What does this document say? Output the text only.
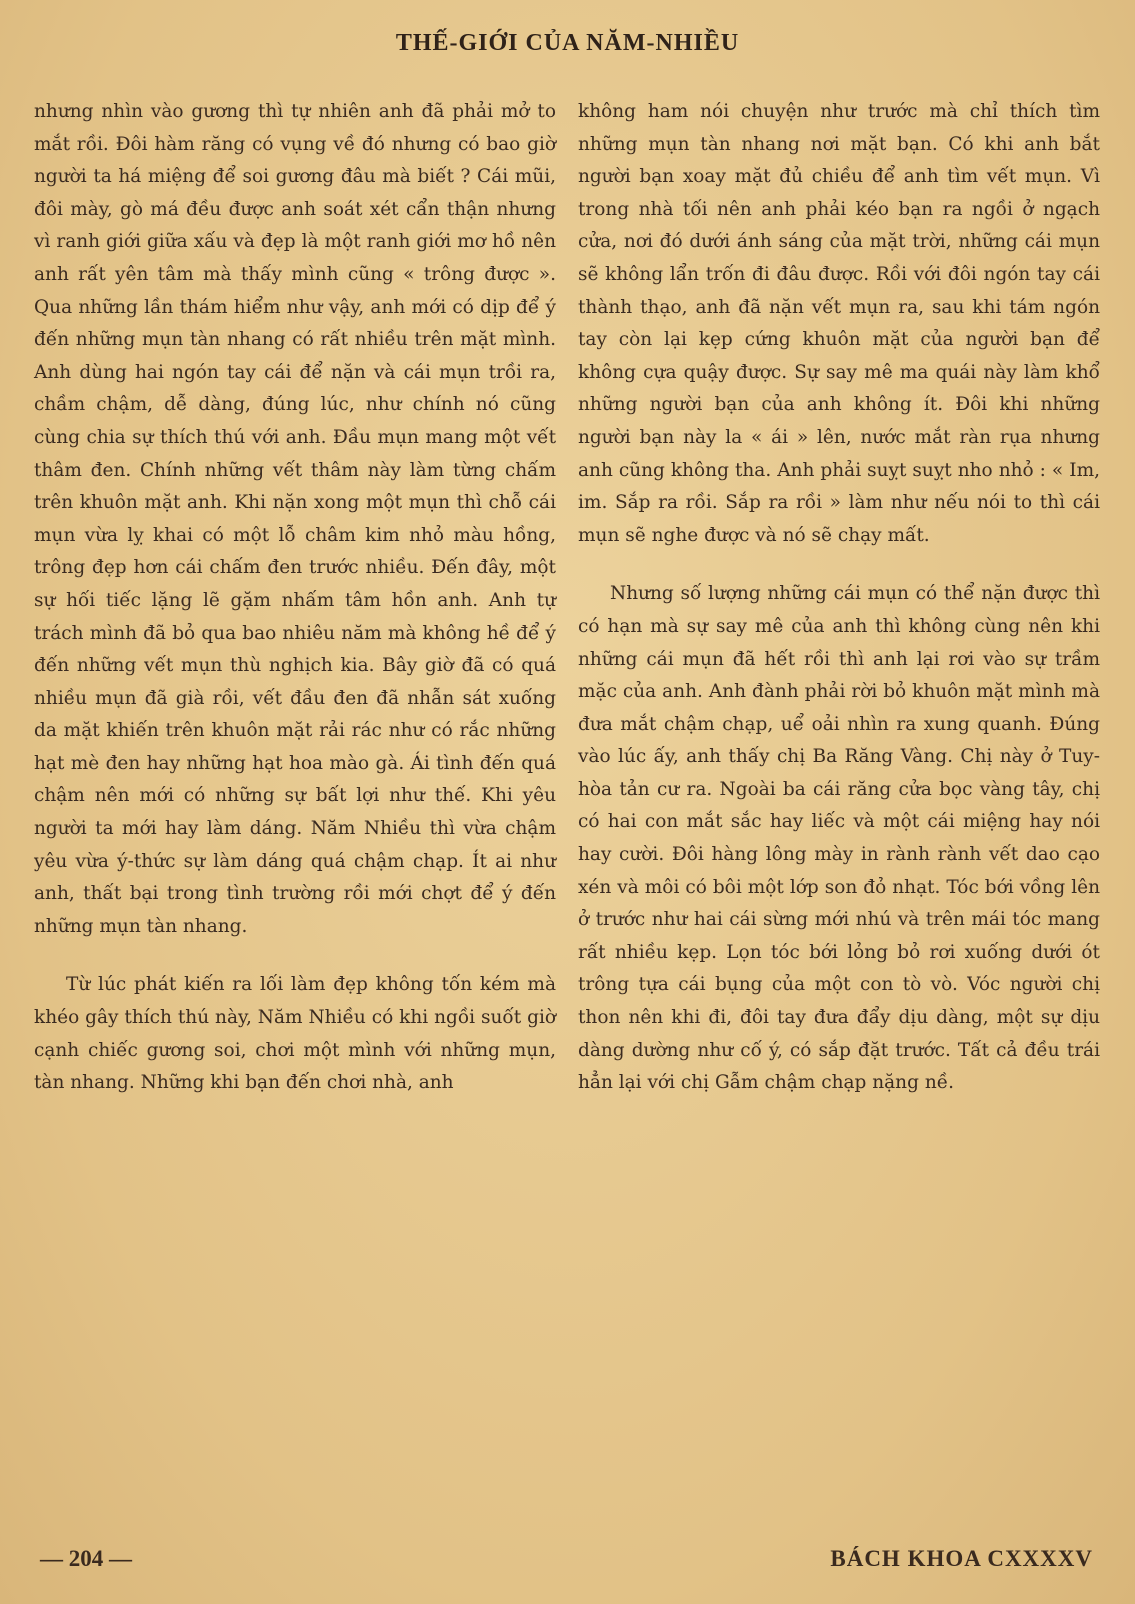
THẾ-GIỚI CỦA NĂM-NHIỀU

nhưng nhìn vào gương thì tự nhiên anh đã phải mở to mắt rồi. Đôi hàm răng có vụng về đó nhưng có bao giờ người ta há miệng để soi gương đâu mà biết ? Cái mũi, đôi mày, gò má đều được anh soát xét cẩn thận nhưng vì ranh giới giữa xấu và đẹp là một ranh giới mơ hồ nên anh rất yên tâm mà thấy mình cũng « trông được ». Qua những lần thám hiểm như vậy, anh mới có dịp để ý đến những mụn tàn nhang có rất nhiều trên mặt mình. Anh dùng hai ngón tay cái để nặn và cái mụn trồi ra, chầm chậm, dễ dàng, đúng lúc, như chính nó cũng cùng chia sự thích thú với anh. Đầu mụn mang một vết thâm đen. Chính những vết thâm này làm từng chấm trên khuôn mặt anh. Khi nặn xong một mụn thì chỗ cái mụn vừa lỵ khai có một lỗ châm kim nhỏ màu hồng, trông đẹp hơn cái chấm đen trước nhiều. Đến đây, một sự hối tiếc lặng lẽ gặm nhấm tâm hồn anh. Anh tự trách mình đã bỏ qua bao nhiêu năm mà không hề để ý đến những vết mụn thù nghịch kia. Bây giờ đã có quá nhiều mụn đã già rồi, vết đầu đen đã nhẫn sát xuống da mặt khiến trên khuôn mặt rải rác như có rắc những hạt mè đen hay những hạt hoa mào gà. Ái tình đến quá chậm nên mới có những sự bất lợi như thế. Khi yêu người ta mới hay làm dáng. Năm Nhiều thì vừa chậm yêu vừa ý-thức sự làm dáng quá chậm chạp. Ít ai như anh, thất bại trong tình trường rồi mới chợt để ý đến những mụn tàn nhang.

Từ lúc phát kiến ra lối làm đẹp không tốn kém mà khéo gây thích thú này, Năm Nhiều có khi ngồi suốt giờ cạnh chiếc gương soi, chơi một mình với những mụn, tàn nhang. Những khi bạn đến chơi nhà, anh

không ham nói chuyện như trước mà chỉ thích tìm những mụn tàn nhang nơi mặt bạn. Có khi anh bắt người bạn xoay mặt đủ chiều để anh tìm vết mụn. Vì trong nhà tối nên anh phải kéo bạn ra ngồi ở ngạch cửa, nơi đó dưới ánh sáng của mặt trời, những cái mụn sẽ không lẩn trốn đi đâu được. Rồi với đôi ngón tay cái thành thạo, anh đã nặn vết mụn ra, sau khi tám ngón tay còn lại kẹp cứng khuôn mặt của người bạn để không cựa quậy được. Sự say mê ma quái này làm khổ những người bạn của anh không ít. Đôi khi những người bạn này la « ái » lên, nước mắt ràn rụa nhưng anh cũng không tha. Anh phải suỵt suỵt nho nhỏ : « Im, im. Sắp ra rồi. Sắp ra rồi » làm như nếu nói to thì cái mụn sẽ nghe được và nó sẽ chạy mất.

Nhưng số lượng những cái mụn có thể nặn được thì có hạn mà sự say mê của anh thì không cùng nên khi những cái mụn đã hết rồi thì anh lại rơi vào sự trầm mặc của anh. Anh đành phải rời bỏ khuôn mặt mình mà đưa mắt chậm chạp, uể oải nhìn ra xung quanh. Đúng vào lúc ấy, anh thấy chị Ba Răng Vàng. Chị này ở Tuy-hòa tản cư ra. Ngoài ba cái răng cửa bọc vàng tây, chị có hai con mắt sắc hay liếc và một cái miệng hay nói hay cười. Đôi hàng lông mày in rành rành vết dao cạo xén và môi có bôi một lớp son đỏ nhạt. Tóc bới vồng lên ở trước như hai cái sừng mới nhú và trên mái tóc mang rất nhiều kẹp. Lọn tóc bới lỏng bỏ rơi xuống dưới ót trông tựa cái bụng của một con tò vò. Vóc người chị thon nên khi đi, đôi tay đưa đẩy dịu dàng, một sự dịu dàng dường như cố ý, có sắp đặt trước. Tất cả đều trái hẳn lại với chị Gẫm chậm chạp nặng nề.

— 204 —	BÁCH KHOA CXXXXV
